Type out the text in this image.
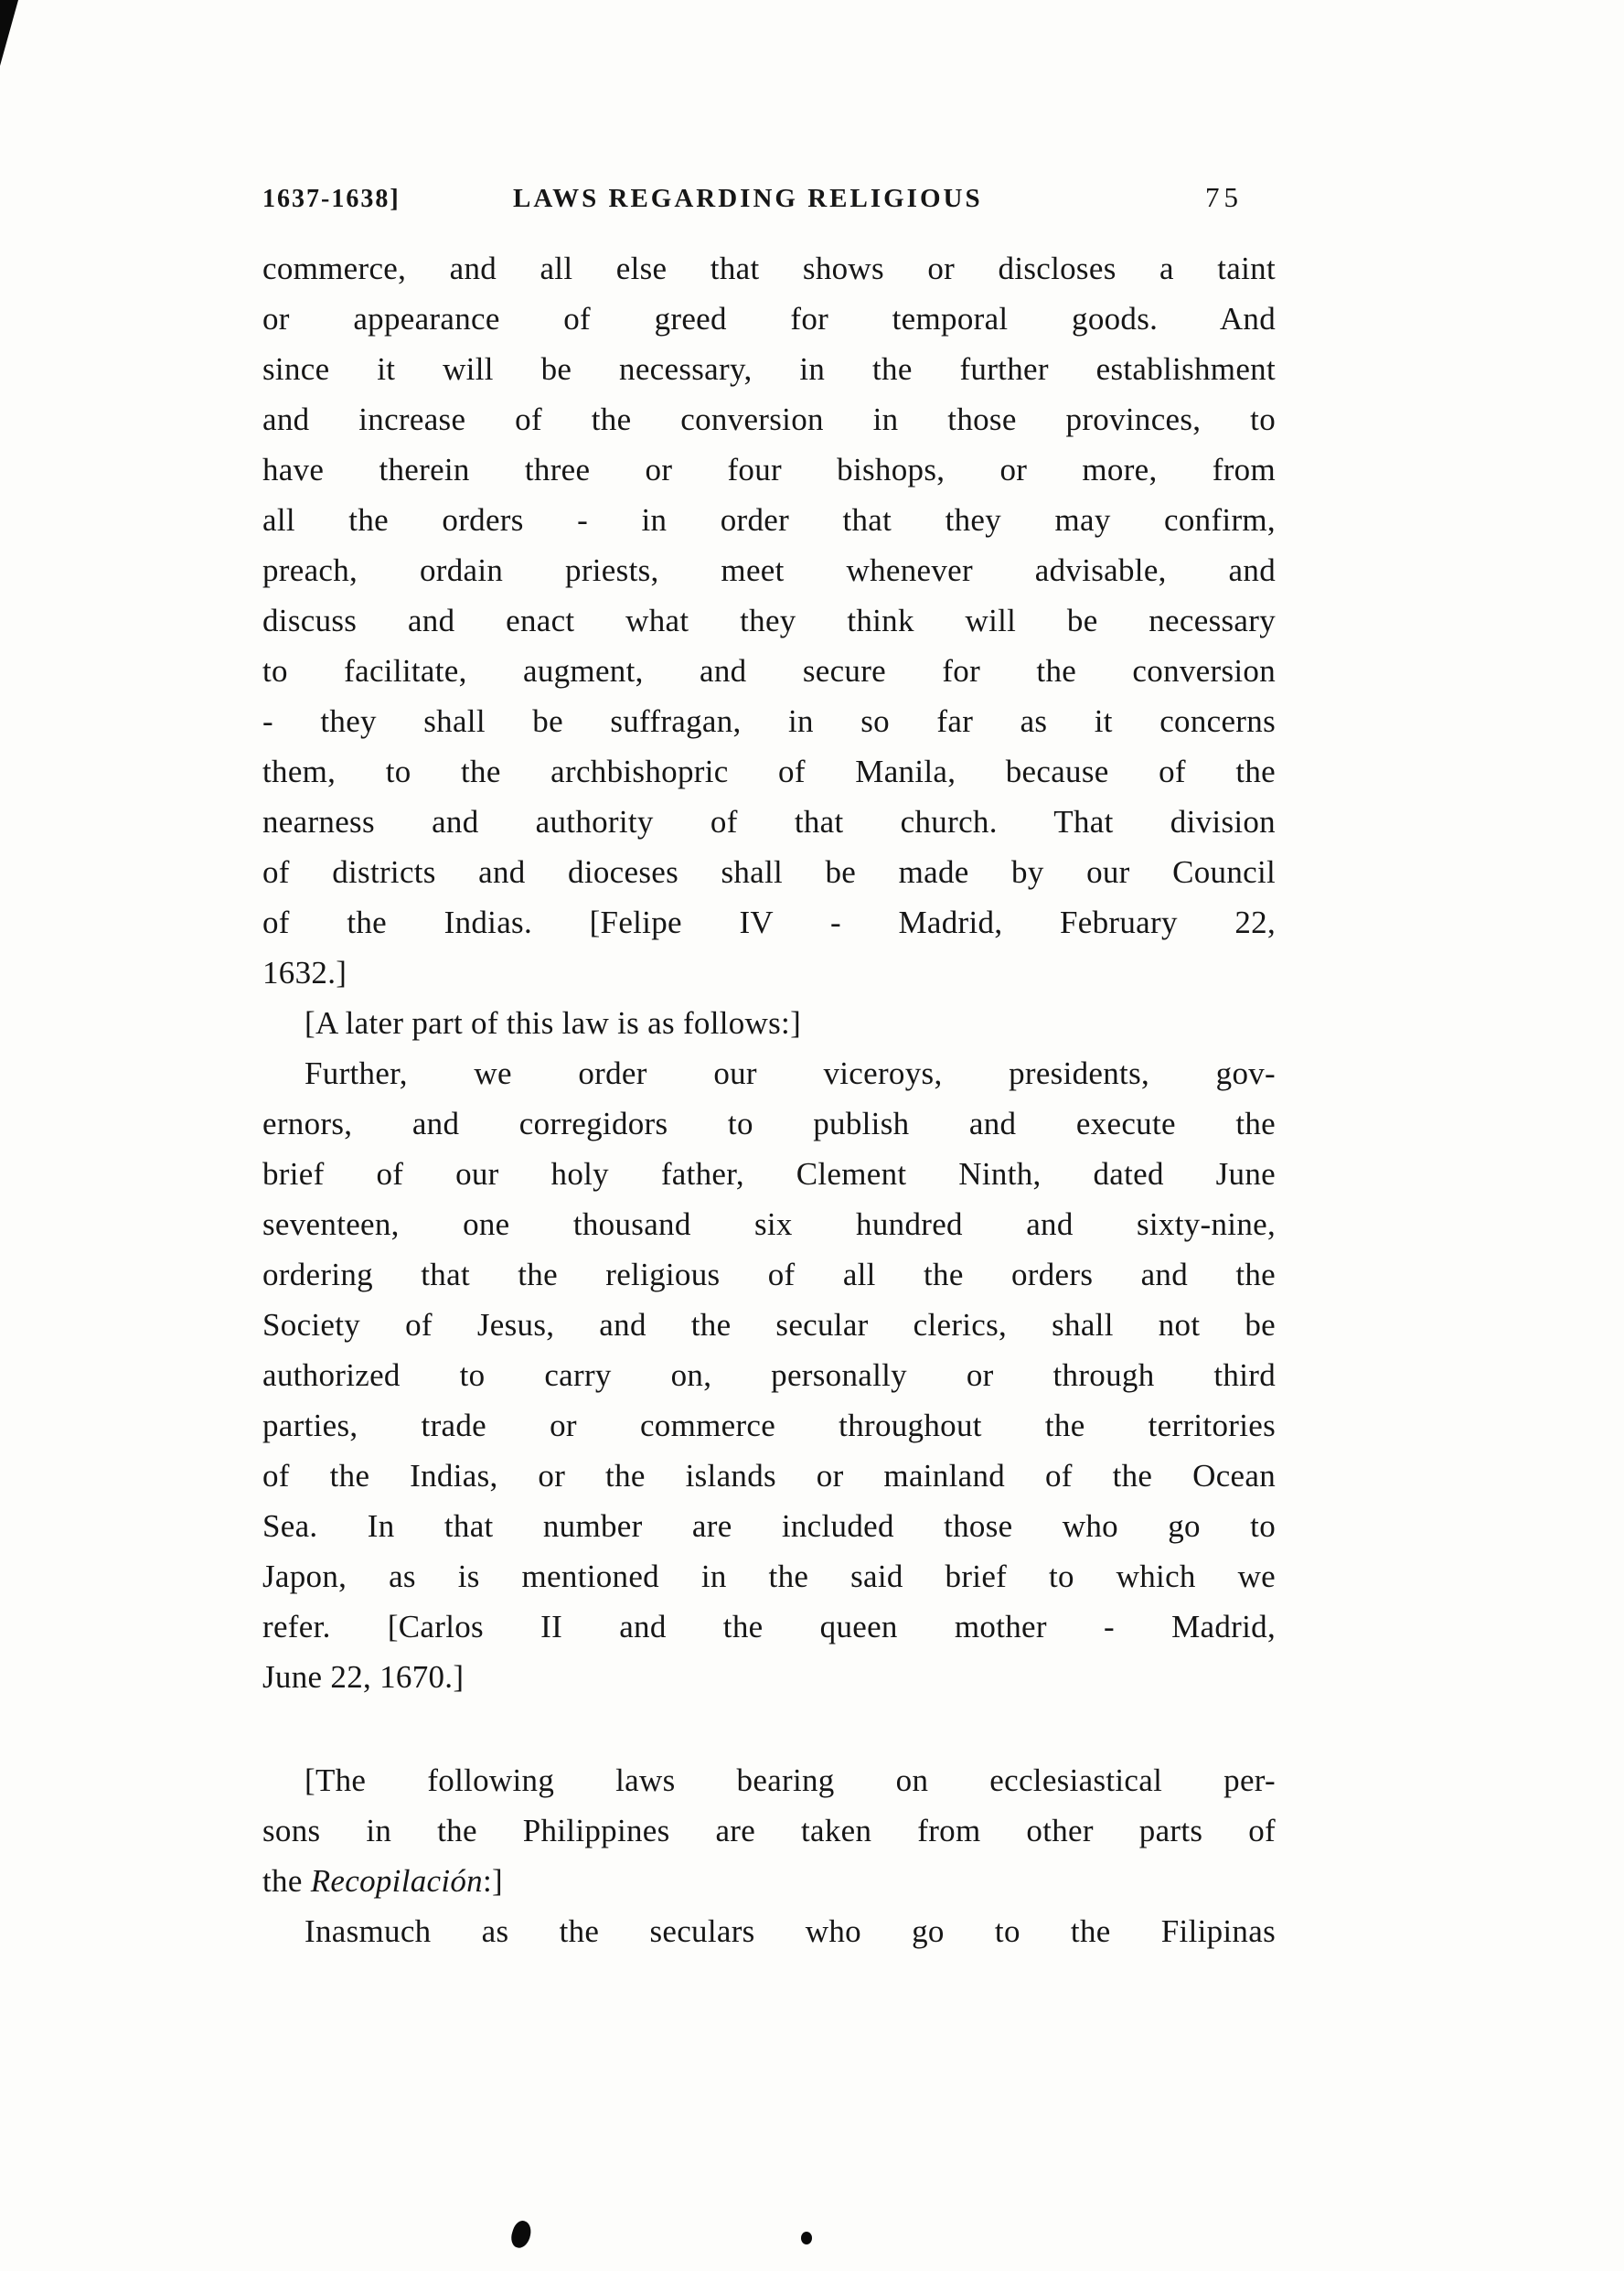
1637-1638]	LAWS REGARDING RELIGIOUS	75
commerce, and all else that shows or discloses a taint
or appearance of greed for temporal goods. And
since it will be necessary, in the further establishment
and increase of the conversion in those provinces, to
have therein three or four bishops, or more, from
all the orders - in order that they may confirm,
preach, ordain priests, meet whenever advisable, and
discuss and enact what they think will be necessary
to facilitate, augment, and secure for the conversion
- they shall be suffragan, in so far as it concerns
them, to the archbishopric of Manila, because of the
nearness and authority of that church. That division
of districts and dioceses shall be made by our Council
of the Indias. [Felipe IV - Madrid, February 22,
1632.]
[A later part of this law is as follows:]
Further, we order our viceroys, presidents, gov-
ernors, and corregidors to publish and execute the
brief of our holy father, Clement Ninth, dated June
seventeen, one thousand six hundred and sixty-nine,
ordering that the religious of all the orders and the
Society of Jesus, and the secular clerics, shall not be
authorized to carry on, personally or through third
parties, trade or commerce throughout the territories
of the Indias, or the islands or mainland of the Ocean
Sea. In that number are included those who go to
Japon, as is mentioned in the said brief to which we
refer. [Carlos II and the queen mother - Madrid,
June 22, 1670.]
[The following laws bearing on ecclesiastical per-
sons in the Philippines are taken from other parts of
the Recopilación:]
Inasmuch as the seculars who go to the Filipinas
